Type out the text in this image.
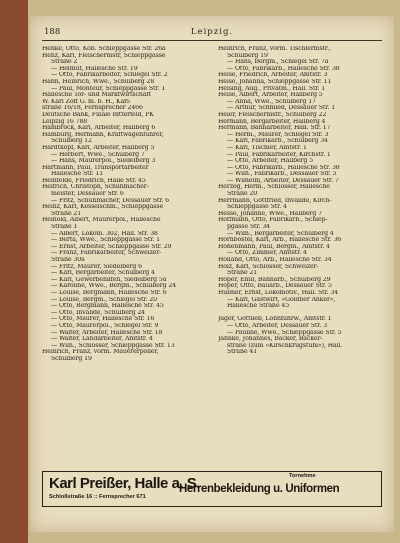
188	Leipzig.
Henke, Otto, Kob. Schleppgasse Str. 26a
Henz, Karl, Fleischermstr, Schleppgasse
Straße 2
— Helmut, Hallesche Str. 19
— Otto, Fabrikarbeiter, Schlegel Str. 2
Hahn, Heinrich, Wwe., Schulberg 28
— Paul, Monteur, Schleppgasse Str. 1
Hallesche Tor- und Marktwirtschaft
W. Karl Zoff G. m. b. H., Karl-
straße 16/18, Fernsprecher 2466
Deutsche Bank, Filiale Bitterfeld, PK
Leipzig 16 788
Hambrock, Karl, Arbeiter, Hallberg 6
Hamburg, Hermann, Kraftwagenführer,
Schulberg 12
Hardtkopf, Karl, Arbeiter, Hallberg 5
— Herbert, Wwe., Schulberg 7
— Hans, Maurerpol., Siedelberg 3
Hartmann, Paul, Transportarbeiter
Hallesche Str. 11
Heinfelde, Friedrich, Halle Str. 45
Helfrich, Christoph, Schuhmacher-
meister, Dessauer Str. 6
— Fritz, Schuhmacher, Dessauer Str. 6
Heinz, Karl, Kesselschm., Schleppgasse
Straße 21
Heinold, Albert, Maurerpol., Hallesche
Straße 1
— Albert, Lokom. 302, Hall. Str. 38
— Berta, Wwe., Schleppgasse Str. 1
— Ernst, Arbeiter, Schleppgasse Str. 29
— Franz, Fabrikarbeiter, Schweizer-
Straße 30a
— Fritz, Maurer, Siedelberg 6
— Karl, Bergarbeiter, Schulberg 4
— Karl, Gewerbehilfen, Siedelberg 5a
— Karoline, Wwe., Bergm., Schulberg 24
— Louise, Bergmann, Hallesche Str. 6
— Louise, Bergm., Schlegel Str. 20
— Otto, Bergmann, Hallesche Str. 45
— Otto, Invalide, Schulberg 24
— Otto, Maurer, Hallesche Str. 16
— Otto, Maurerpol., Schlegel Str. 9
— Walter, Arbeiter, Hallesche Str. 18
— Walter, Landarbeiter, Amtstr. 4
— Wilh., Schlosser, Schleppgasse Str. 13
Heinrich, Franz, vorm. Mauererpolier,
Schulberg 19
Heinrich, Franz, vorm. Tischlermstr.,
Schulberg 19
— Hans, Bergm., Schlegel Str. 7a
— Otto, Fabrikarb., Hallesche Str. 38
Heise, Friedrich, Arbeiter, Amtstr. 3
Heise, Johanna, Schleppgasse Str. 11
Heising, Aug., Privatm., Hall. Str. 1
Heise, Albert, Arbeiter, Hallberg 5
— Anna, Wwe., Schulberg 17
— Arthur, Schmied, Dessauer Str. 1
Heier, Fleischermstr., Schulberg 22
Hermann, Bergarbeiter, Hallberg 4
Hermann, Bahnarbeiter, Hall. Str. 17
— Herm., Maurer, Schlegel Str. 3
— Karl, Fabrikarb., Schulberg 34
— Karl, Tischler, Amtstr. 1
— Paul, Fabrikarbeiter, Kirchstr. 1
— Otto, Arbeiter, Hallberg 5
— Otto, Fabrikarb., Hallesche Str. 38
— Wilh., Fabrikarb., Dessauer Str. 5
— Wilhelm, Arbeiter, Dessauer Str. 7
Herzog, Herm., Schlosser, Hallesche
Straße 20
Herrmann, Gottfried, Invalide, Kirch-
Schleppgasse Str. 4
Hesse, Johanne, Wwe., Hallberg 7
Hoffmann, Otto, Fabrikarb., Schlep-
pgasse Str. 34
— Wilh., Bergarbeiter, Schulberg 4
Hornbostel, Karl, Arb., Hallesche Str. 36
Hohenmann, Paul, Bergm., Amtstr. 4
— Otto, Zimmer, Amtstr. 4
Holland, Otto, Arb., Hallesche Str. 34
Holz, Karl, Schlosser, Schweizer-
Straße 21
Hoper, Emil, Bahnarb., Schulberg 29
Hoper, Otto, Bauarb., Dessauer Str. 5
Hübner, Ernst, Lokomotiv., Hall. Str. 34
— Karl, Gastwirt, »Goldner Anker«,
Hallesche Straße 45

Jäger, Gottlieb, Lohnfuhrw., Amtstr. 1
— Otto, Arbeiter, Dessauer Str. 3
— Pauline, Wwe., Schleppgasse Str. 5
Jahnke, Johannes, Bäcker, Bäcker-
straße (zum »Kirschkrugstuhl«), Hall.
Straße 41
Karl Preißer, Halle a. S.
Schloßstraße 16 :: Fernsprecher 671
Tornehme
Herrenbekleidung u. Uniformen
